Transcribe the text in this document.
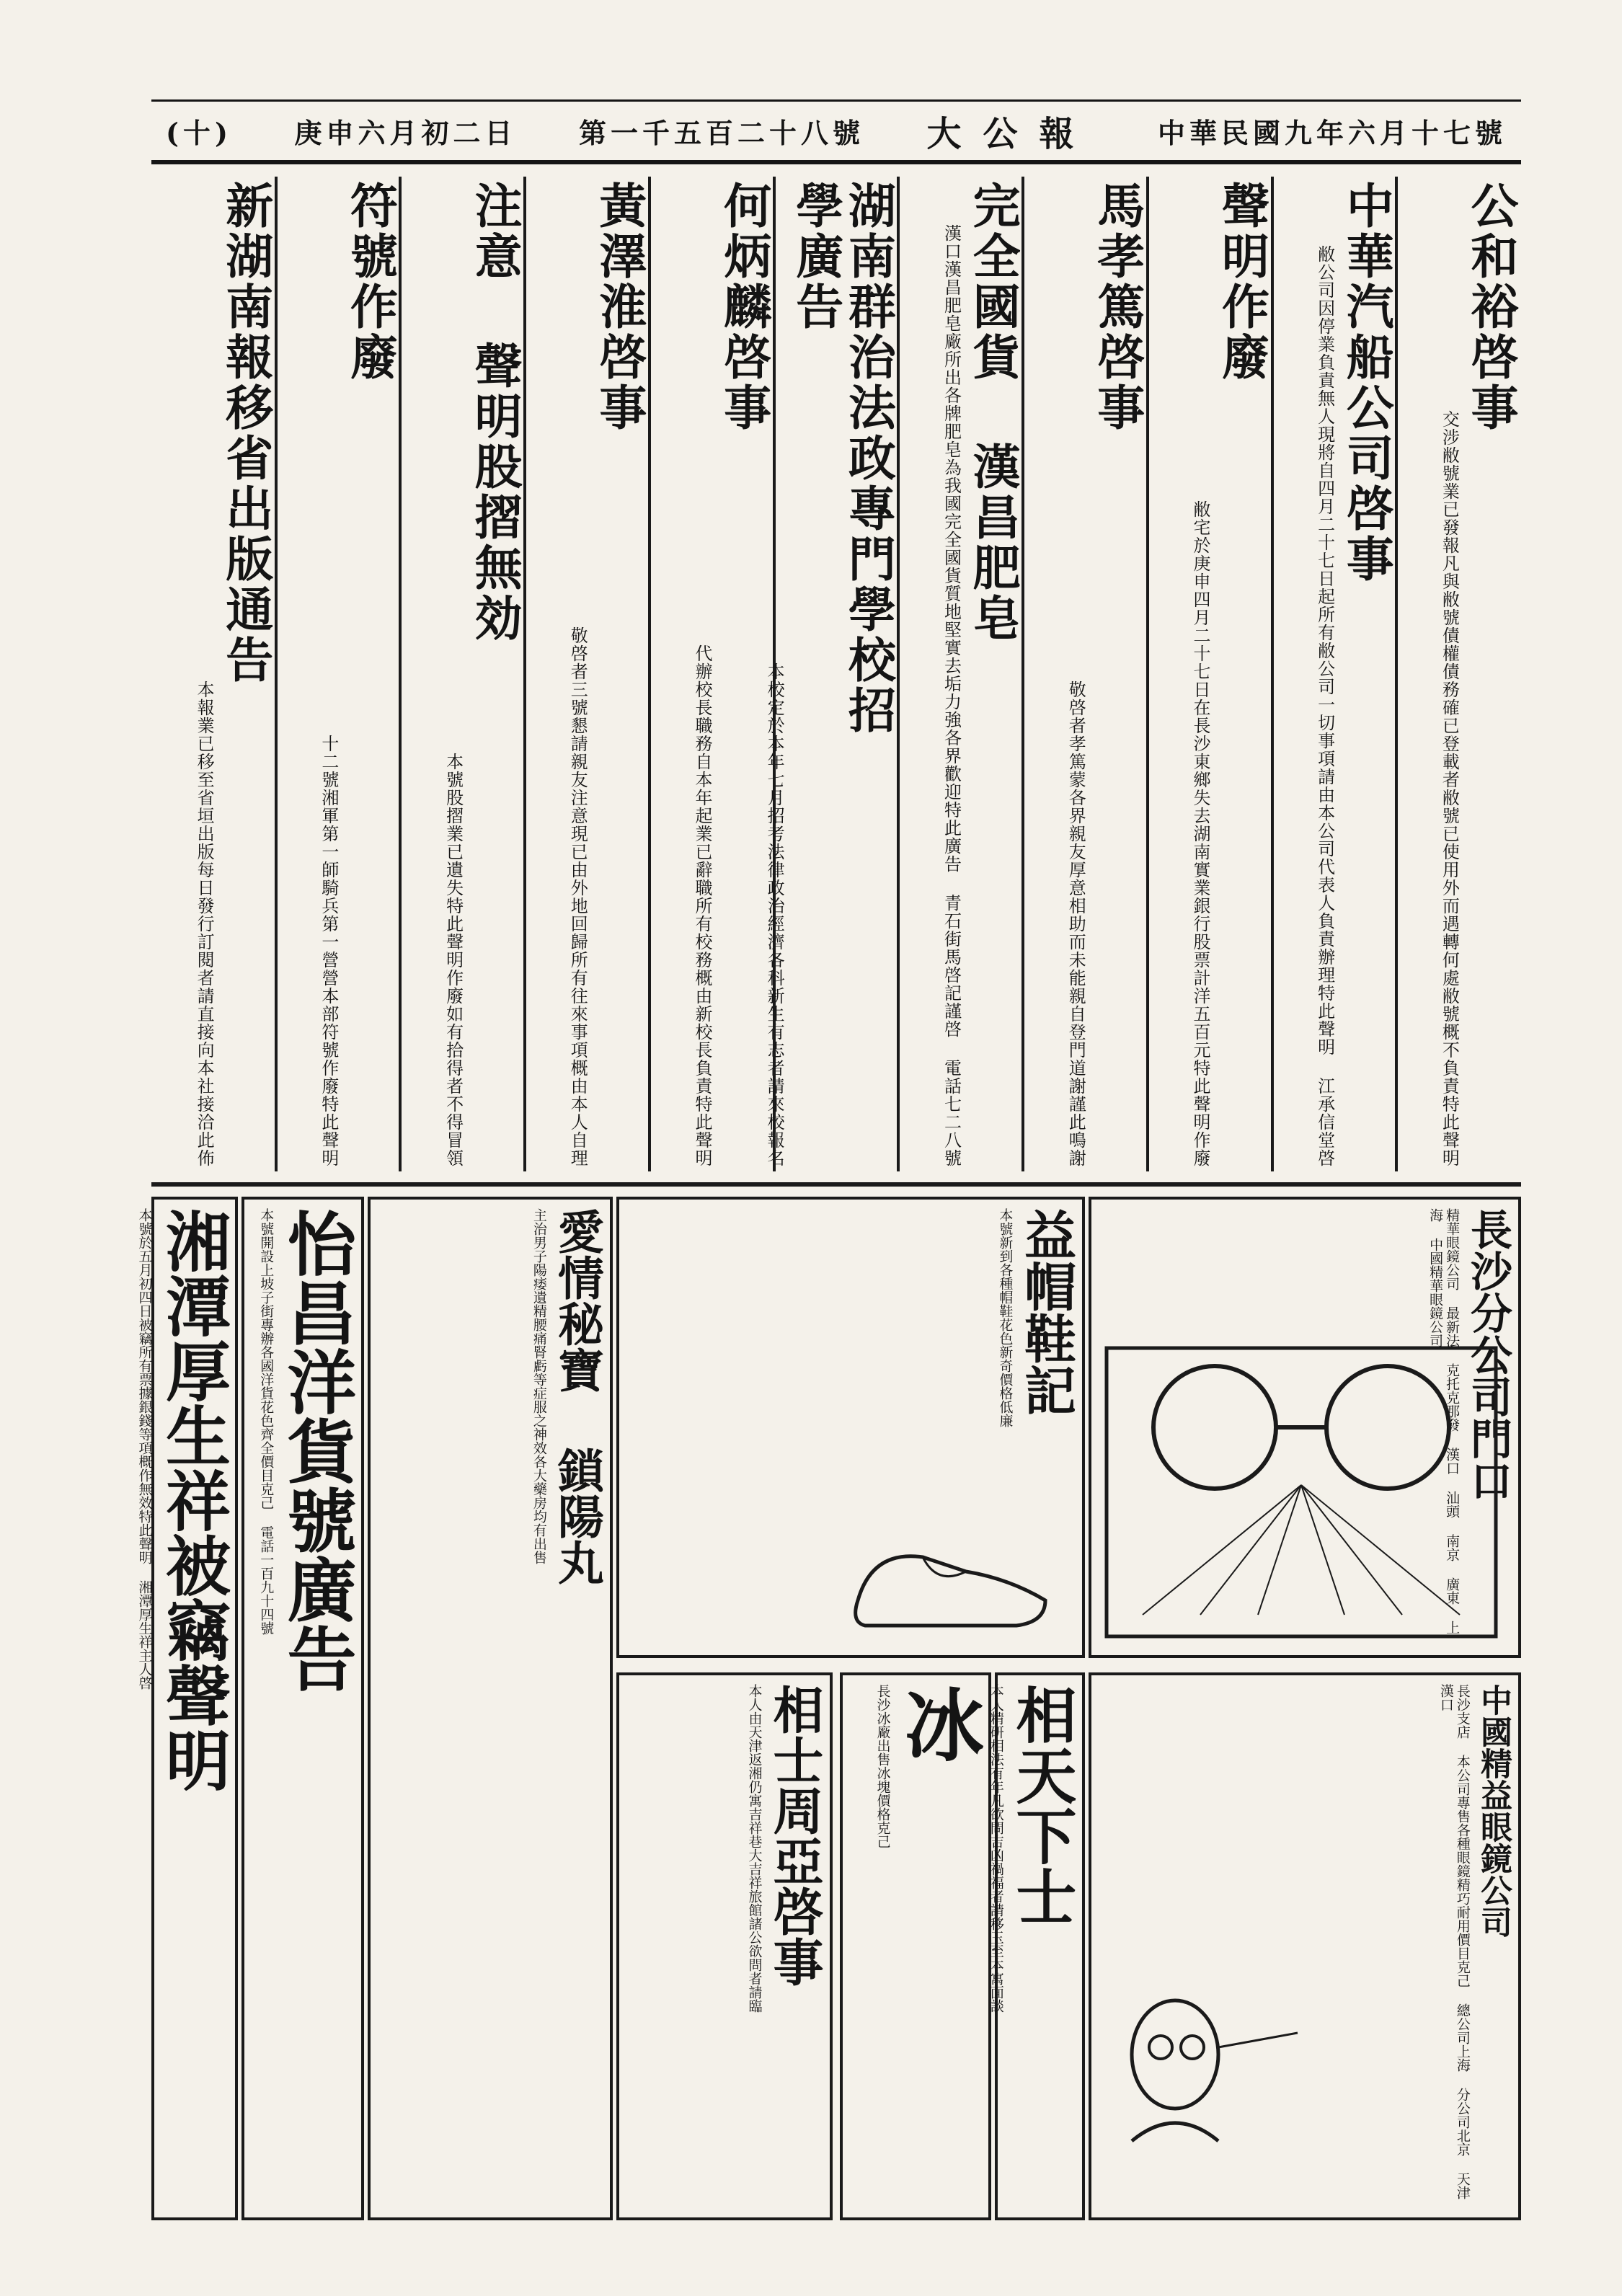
(十) 庚申六月初二日 第一千五百二十八號 大公報 中華民國九年六月十七號
公和裕啓事
交涉敝號業已發報凡與敝號債權債務確已登載者敝號已使用外而遇轉何處敝號概不負責特此聲明
中華汽船公司啓事
敝公司因停業負責無人現將自四月二十七日起所有敝公司一切事項請由本公司代表人負責辦理特此聲明 江承信堂啓
聲明作廢
敝宅於庚申四月二十七日在長沙東鄉失去湖南實業銀行股票計洋五百元特此聲明作廢
馬孝篤啓事
敬啓者孝篤蒙各界親友厚意相助而未能親自登門道謝謹此鳴謝
完全國貨 漢昌肥皂
漢口漢昌肥皂廠所出各牌肥皂為我國完全國貨質地堅實去垢力強各界歡迎特此廣告 青石街馬啓記謹啓 電話七二八號
湖南群治法政專門學校招學廣告
何炳麟啓事
代辦校長職務自本年起業已辭職所有校務概由新校長負責特此聲明
黃澤淮啓事
敬啓者三號懇請親友注意現已由外地回歸所有往來事項概由本人自理
注意 聲明股摺無効
本號股摺業已遺失特此聲明作廢如有拾得者不得冒領
符號作廢
十二號湘軍第一師騎兵第一營營本部符號作廢特此聲明
新湖南報移省出版通告
本報業已移至省垣出版每日發行訂閱者請直接向本社接洽此佈
湘潭厚生祥被竊聲明
本號於五月初四日被竊所有票據銀錢等項概作無效特此聲明 湘潭厚生祥主人啓 怡昌洋貨號廣告
本號開設上坡子街專辦各國洋貨花色齊全價目克己 電話一百九十四號	愛情秘寶 鎖陽丸
主治男子陽痿遺精腰痛腎虧等症服之神效各大藥房均有出售	益帽鞋記
本號新到各種帽鞋花色新奇價格低廉	長沙分公司門口
精華眼鏡公司 最新法 克托克那發 漢口 汕頭 南京 廣東 上海 中國精華眼鏡公司
相天下士
本人精研相法有年凡欲問吉凶禍福者請移玉至本寓面談
冰
長沙冰廠出售冰塊價格克己
相士周亞啓事
本人由天津返湘仍寓吉祥巷大吉祥旅館諸公欲問者請臨	中國精益眼鏡公司
長沙支店 本公司專售各種眼鏡精巧耐用價目克己 總公司上海 分公司北京 天津 漢口
